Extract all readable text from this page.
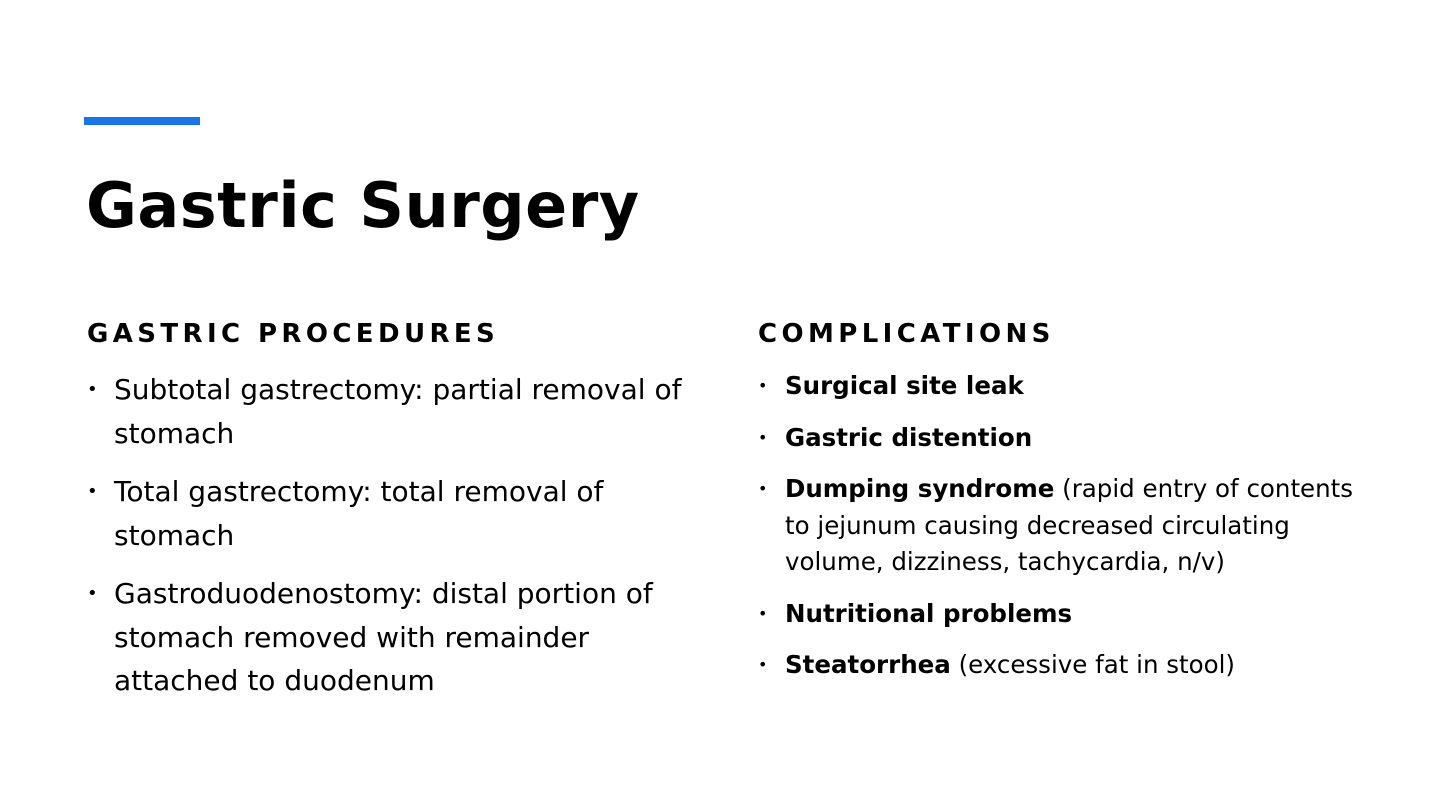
Gastric Surgery
GASTRIC PROCEDURES
• Subtotal gastrectomy: partial removal of stomach
• Total gastrectomy: total removal of stomach
• Gastroduodenostomy: distal portion of stomach removed with remainder attached to duodenum
COMPLICATIONS
• Surgical site leak
• Gastric distention
• Dumping syndrome (rapid entry of contents to jejunum causing decreased circulating volume, dizziness, tachycardia, n/v)
• Nutritional problems
• Steatorrhea (excessive fat in stool)
